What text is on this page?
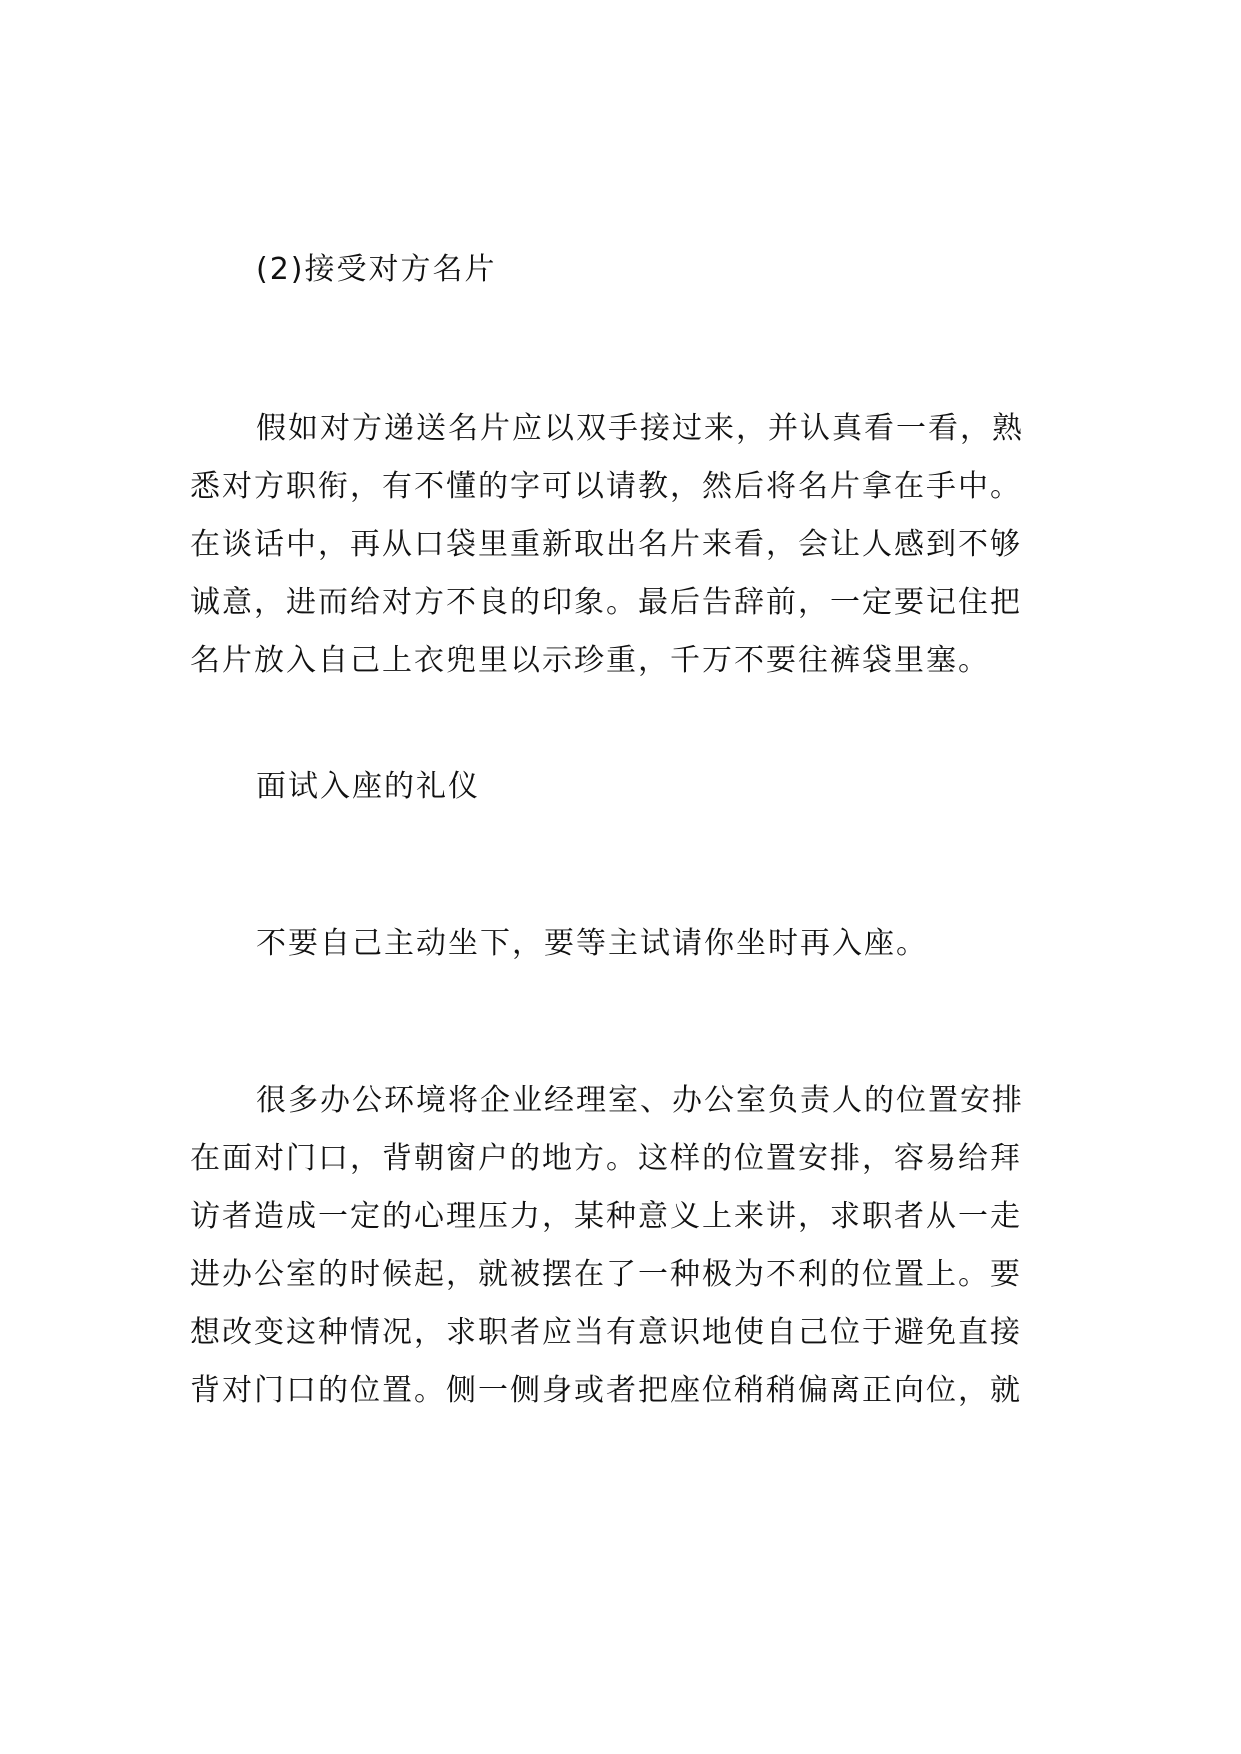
(2)接受对方名片
假如对方递送名片应以双手接过来，并认真看一看，熟
悉对方职衔，有不懂的字可以请教，然后将名片拿在手中。
在谈话中，再从口袋里重新取出名片来看，会让人感到不够
诚意，进而给对方不良的印象。最后告辞前，一定要记住把
名片放入自己上衣兜里以示珍重，千万不要往裤袋里塞。
面试入座的礼仪
不要自己主动坐下，要等主试请你坐时再入座。
很多办公环境将企业经理室、办公室负责人的位置安排
在面对门口，背朝窗户的地方。这样的位置安排，容易给拜
访者造成一定的心理压力，某种意义上来讲，求职者从一走
进办公室的时候起，就被摆在了一种极为不利的位置上。要
想改变这种情况，求职者应当有意识地使自己位于避免直接
背对门口的位置。侧一侧身或者把座位稍稍偏离正向位，就
